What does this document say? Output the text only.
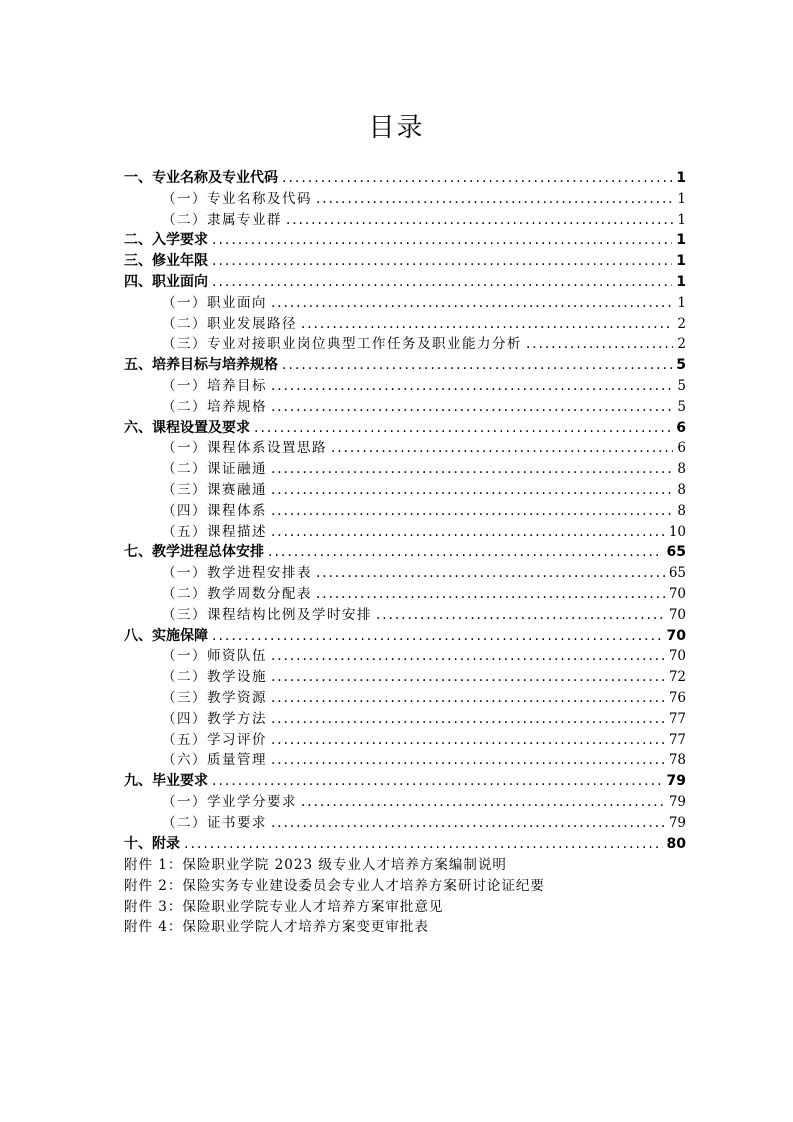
目录
一、专业名称及专业代码 .....	1
（一）专业名称及代码 .....	1
（二）隶属专业群 .....	1
二、入学要求 .....	1
三、修业年限 .....	1
四、职业面向 .....	1
（一）职业面向 .....	1
（二）职业发展路径 .....	2
（三）专业对接职业岗位典型工作任务及职业能力分析 .....	2
五、培养目标与培养规格 .....	5
（一）培养目标 .....	5
（二）培养规格 .....	5
六、课程设置及要求 .....	6
（一）课程体系设置思路 .....	6
（二）课证融通 .....	8
（三）课赛融通 .....	8
（四）课程体系 .....	8
（五）课程描述 .....	10
七、教学进程总体安排 .....	65
（一）教学进程安排表 .....	65
（二）教学周数分配表 .....	70
（三）课程结构比例及学时安排 .....	70
八、实施保障 .....	70
（一）师资队伍 .....	70
（二）教学设施 .....	72
（三）教学资源 .....	76
（四）教学方法 .....	77
（五）学习评价 .....	77
（六）质量管理 .....	78
九、毕业要求 .....	79
（一）学业学分要求 .....	79
（二）证书要求 .....	79
十、附录 .....	80
附件 1：保险职业学院 2023 级专业人才培养方案编制说明
附件 2：保险实务专业建设委员会专业人才培养方案研讨论证纪要
附件 3：保险职业学院专业人才培养方案审批意见
附件 4：保险职业学院人才培养方案变更审批表
